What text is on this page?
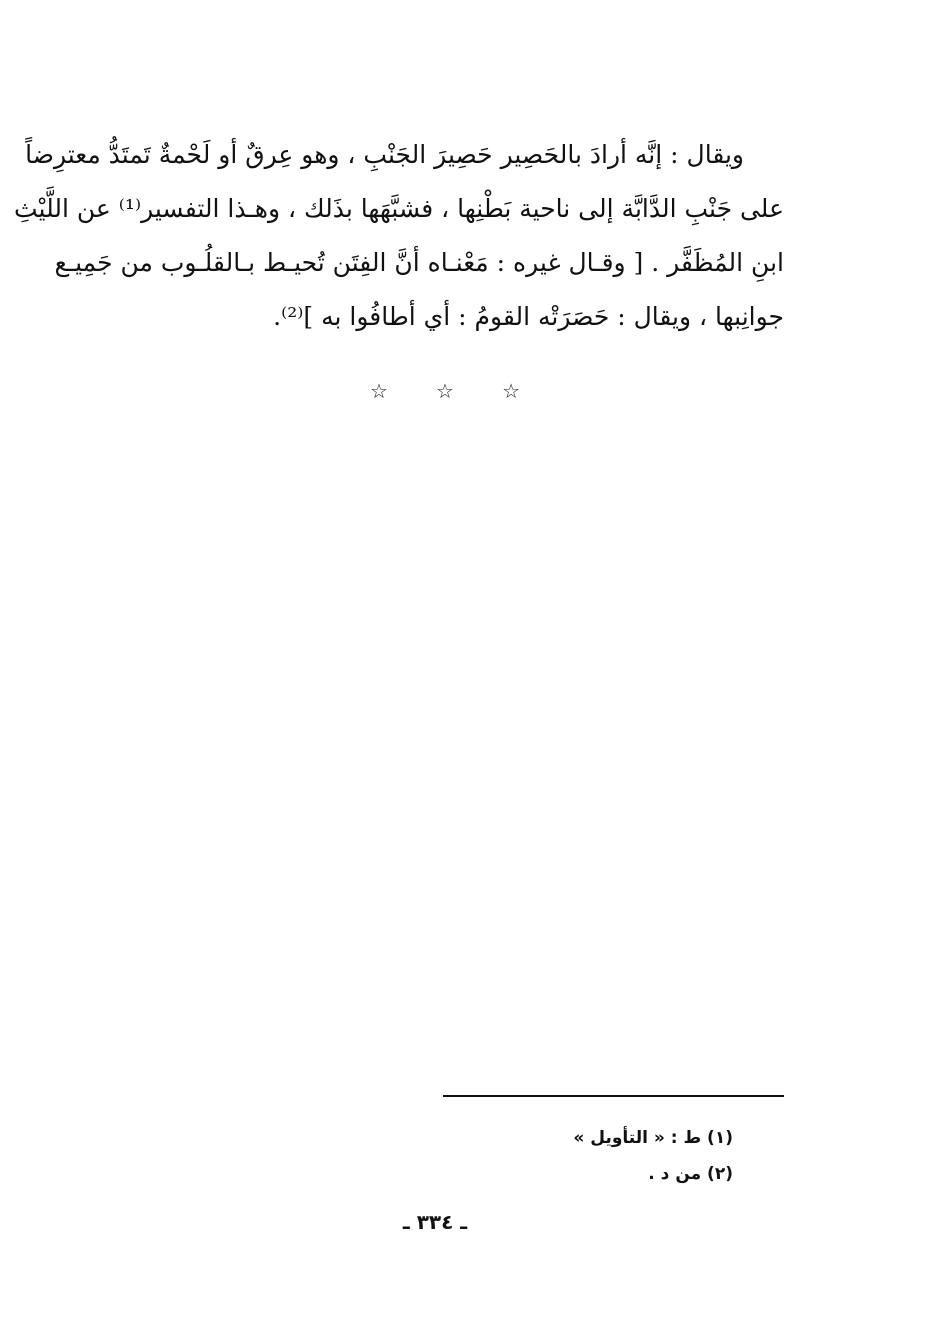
ويقال : إنَّه أرادَ بالحَصِير حَصِيرَ الجَنْبِ ، وهو عِرقٌ أو لَحْمةٌ تَمتَدُّ معترِضاً
على جَنْبِ الدَّابَّة إلى ناحية بَطْنِها ، فشبَّهَها بذَلك ، وهـذا التفسير⁽¹⁾ عن اللَّيْثِ
ابنِ المُظَفَّر . [ وقـال غيره : مَعْنـاه أنَّ الفِتَن تُحيـط بـالقلُـوب من جَمِيـع
جوانِبها ، ويقال : حَصَرَتْه القومُ : أي أطافُوا به ]⁽²⁾.
☆ ☆ ☆
(١) ط : « التأويل »
(٢) من د .
ـ ٣٣٤ ـ
